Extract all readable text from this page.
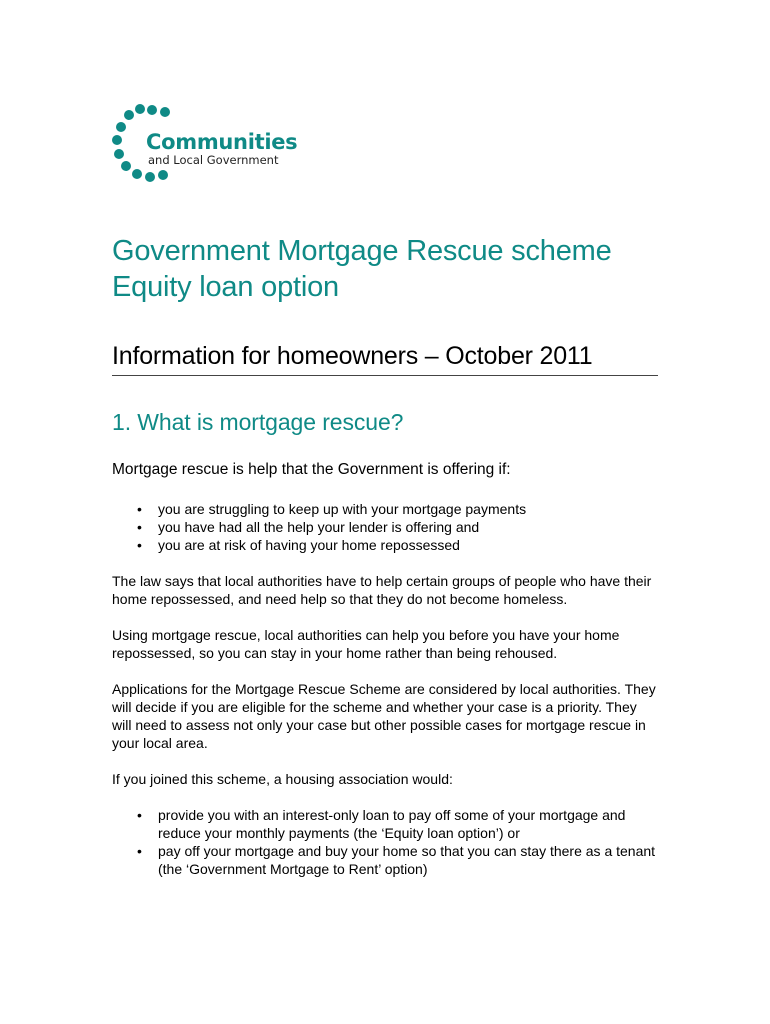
Communities
and Local Government
Government Mortgage Rescue scheme
Equity loan option
Information for homeowners – October 2011
1. What is mortgage rescue?

Mortgage rescue is help that the Government is offering if:

• you are struggling to keep up with your mortgage payments
• you have had all the help your lender is offering and
• you are at risk of having your home repossessed

The law says that local authorities have to help certain groups of people who have their home repossessed, and need help so that they do not become homeless.

Using mortgage rescue, local authorities can help you before you have your home repossessed, so you can stay in your home rather than being rehoused.

Applications for the Mortgage Rescue Scheme are considered by local authorities. They will decide if you are eligible for the scheme and whether your case is a priority. They will need to assess not only your case but other possible cases for mortgage rescue in your local area.

If you joined this scheme, a housing association would:

• provide you with an interest-only loan to pay off some of your mortgage and reduce your monthly payments (the ‘Equity loan option’) or
• pay off your mortgage and buy your home so that you can stay there as a tenant (the ‘Government Mortgage to Rent’ option)
